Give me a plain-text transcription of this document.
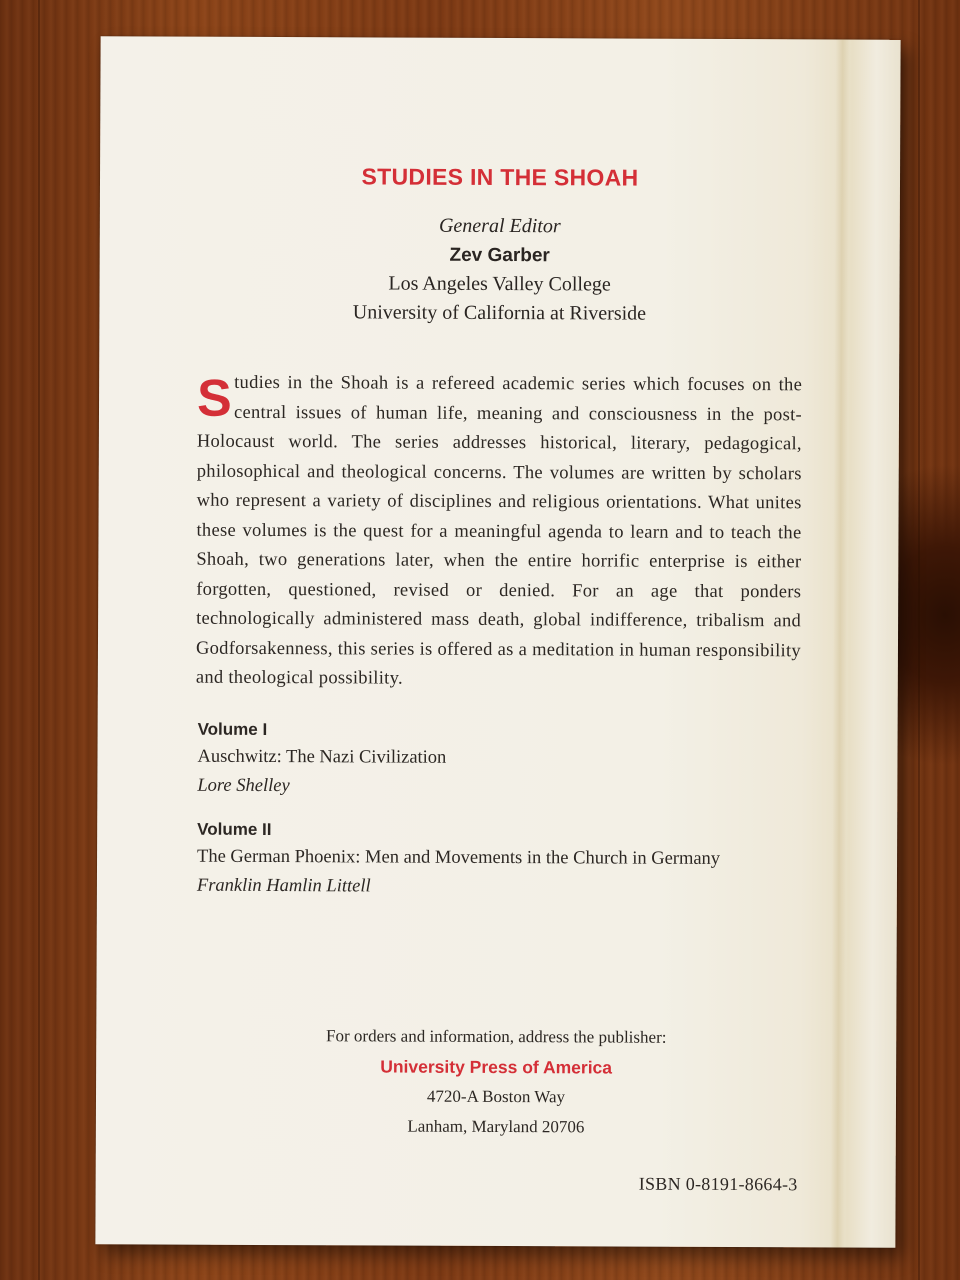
STUDIES IN THE SHOAH
General Editor
Zev Garber
Los Angeles Valley College
University of California at Riverside
Studies in the Shoah is a refereed academic series which focuses on the central issues of human life, meaning and consciousness in the post-Holocaust world. The series addresses historical, literary, pedagogical, philosophical and theological concerns. The volumes are written by scholars who represent a variety of disciplines and religious orientations. What unites these volumes is the quest for a meaningful agenda to learn and to teach the Shoah, two generations later, when the entire horrific enterprise is either forgotten, questioned, revised or denied. For an age that ponders technologically administered mass death, global indifference, tribalism and Godforsakenness, this series is offered as a meditation in human responsibility and theological possibility.
Volume I
Auschwitz: The Nazi Civilization
Lore Shelley
Volume II
The German Phoenix: Men and Movements in the Church in Germany
Franklin Hamlin Littell
For orders and information, address the publisher:
University Press of America
4720-A Boston Way
Lanham, Maryland 20706
ISBN 0-8191-8664-3
